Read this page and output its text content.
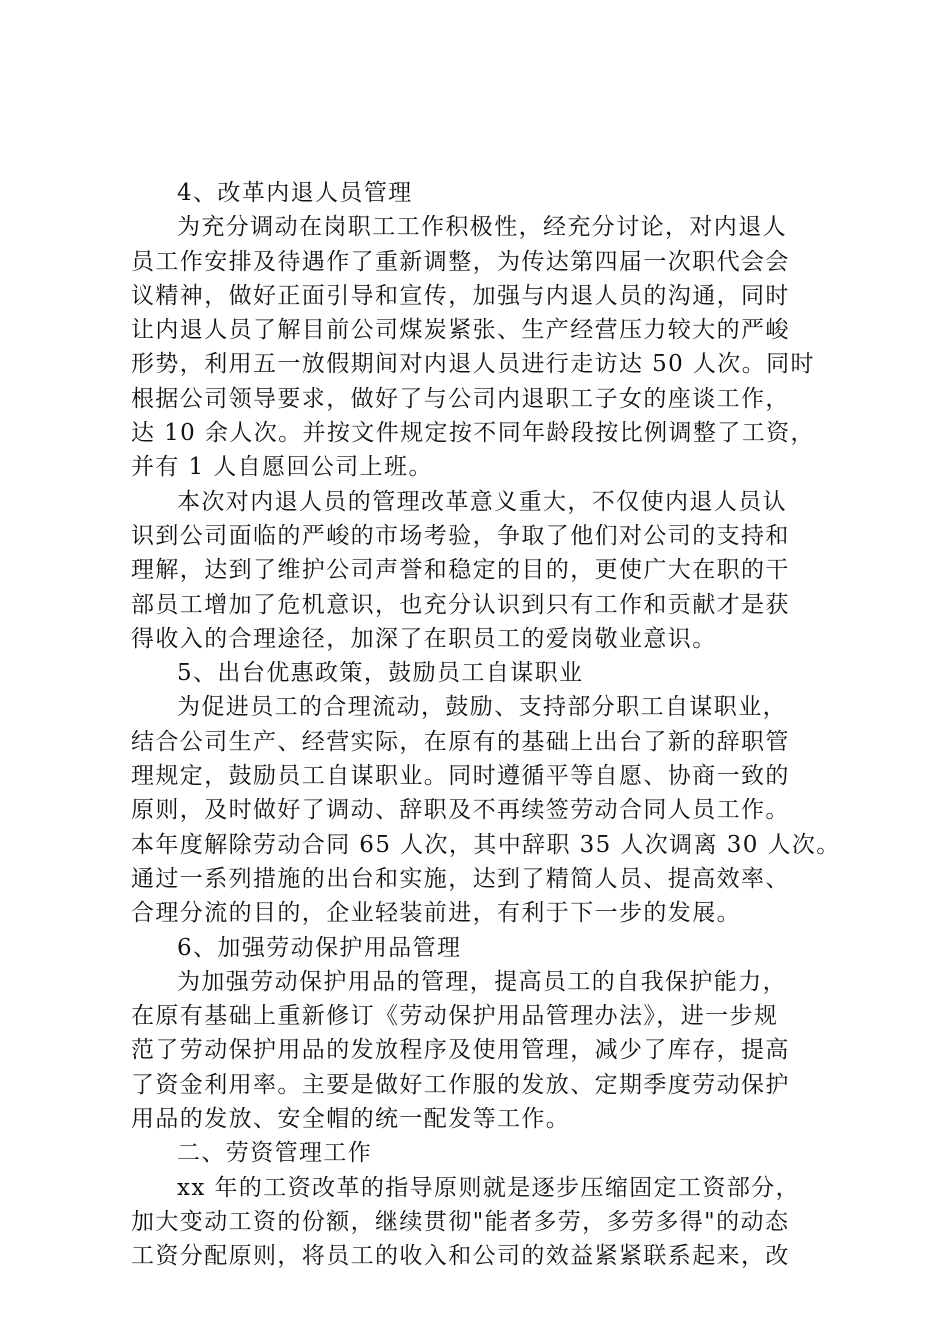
4、改革内退人员管理
为充分调动在岗职工工作积极性，经充分讨论，对内退人
员工作安排及待遇作了重新调整，为传达第四届一次职代会会
议精神，做好正面引导和宣传，加强与内退人员的沟通，同时
让内退人员了解目前公司煤炭紧张、生产经营压力较大的严峻
形势，利用五一放假期间对内退人员进行走访达 50 人次。同时
根据公司领导要求，做好了与公司内退职工子女的座谈工作，
达 10 余人次。并按文件规定按不同年龄段按比例调整了工资，
并有 1 人自愿回公司上班。
本次对内退人员的管理改革意义重大，不仅使内退人员认
识到公司面临的严峻的市场考验，争取了他们对公司的支持和
理解，达到了维护公司声誉和稳定的目的，更使广大在职的干
部员工增加了危机意识，也充分认识到只有工作和贡献才是获
得收入的合理途径，加深了在职员工的爱岗敬业意识。
5、出台优惠政策，鼓励员工自谋职业
为促进员工的合理流动，鼓励、支持部分职工自谋职业，
结合公司生产、经营实际，在原有的基础上出台了新的辞职管
理规定，鼓励员工自谋职业。同时遵循平等自愿、协商一致的
原则，及时做好了调动、辞职及不再续签劳动合同人员工作。
本年度解除劳动合同 65 人次，其中辞职 35 人次调离 30 人次。
通过一系列措施的出台和实施，达到了精简人员、提高效率、
合理分流的目的，企业轻装前进，有利于下一步的发展。
6、加强劳动保护用品管理
为加强劳动保护用品的管理，提高员工的自我保护能力，
在原有基础上重新修订《劳动保护用品管理办法》，进一步规
范了劳动保护用品的发放程序及使用管理，减少了库存，提高
了资金利用率。主要是做好工作服的发放、定期季度劳动保护
用品的发放、安全帽的统一配发等工作。
二、劳资管理工作
xx 年的工资改革的指导原则就是逐步压缩固定工资部分，
加大变动工资的份额，继续贯彻"能者多劳，多劳多得"的动态
工资分配原则，将员工的收入和公司的效益紧紧联系起来，改
